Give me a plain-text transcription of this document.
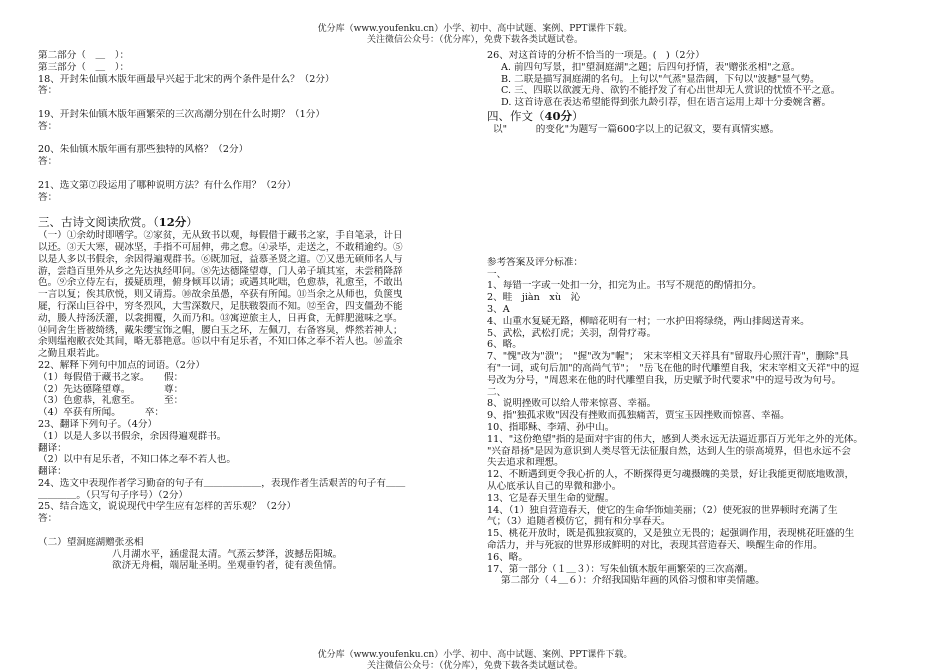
优分库（www.youfenku.cn）小学、初中、高中试题、案例、PPT课件下载。
关注微信公众号：（优分库），免费下载各类试题试卷。
第二部分（　＿　）：
第三部分（　＿　）：
18、开封朱仙镇木版年画最早兴起于北宋的两个条件是什么？（2分）
答：
19、开封朱仙镇木版年画繁荣的三次高潮分别在什么时期？（1分）
答：
20、朱仙镇木版年画有那些独特的风格？（2分）
答：
21、选文第⑦段运用了哪种说明方法？有什么作用？（2分）
答：
三、古诗文阅读欣赏。（12分）
（一）①余幼时即嗜学。②家贫，无从致书以观，每假借于藏书之家，手自笔录，计日
以还。③天大寒，砚冰坚，手指不可屈伸，弗之怠。④录毕，走送之，不敢稍逾约。⑤
以是人多以书假余，余因得遍观群书。⑥既加冠，益慕圣贤之道。⑦又患无硕师名人与
游，尝趋百里外从乡之先达执经叩问。⑧先达德隆望尊，门人弟子填其室，未尝稍降辞
色。⑨余立侍左右，援疑质理，俯身倾耳以请；或遇其叱咄，色愈恭，礼愈至，不敢出
一言以复；俟其欣悦，则又请焉。⑩故余虽愚，卒获有所闻。⑪当余之从师也，负箧曳
屣，行深山巨谷中，穷冬烈风，大雪深数尺，足肤皲裂而不知。⑫至舍，四支僵劲不能
动，媵人持汤沃灌，以衾拥覆，久而乃和。⑬寓逆旅主人，日再食，无鲜肥滋味之享。
⑭同舍生皆被绮绣，戴朱缨宝饰之帽，腰白玉之环，左佩刀，右备容臭，烨然若神人；
余则缊袍敝衣处其间，略无慕艳意。⑮以中有足乐者，不知口体之奉不若人也。⑯盖余
之勤且艰若此。
22、解释下列句中加点的词语。（2分）
（1）每假借于藏书之家。　　假：
（2）先达德隆望尊。　　　　尊：
（3）色愈恭，礼愈至。　　　至：
（4）卒获有所闻。　　　卒：
23、翻译下列句子。（4分）
（1）以是人多以书假余，余因得遍观群书。
翻译：
（2）以中有足乐者，不知口体之奉不若人也。
翻译：
24、选文中表现作者学习勤奋的句子有＿＿＿＿＿＿，表现作者生活艰苦的句子有＿＿
＿＿＿＿。（只写句子序号）（2分）
25、结合选文，说说现代中学生应有怎样的苦乐观？（2分）
答：
（二）望洞庭湖赠张丞相
八月湖水平，涵虚混太清。气蒸云梦泽，波撼岳阳城。
欲济无舟楫，端居耻圣明。坐观垂钓者，徒有羡鱼情。
26、对这首诗的分析不恰当的一项是。(　)（2分）
A. 前四句写景，扣"望洞庭湖"之题；后四句抒情，表"赠张丞相"之意。
B. 二联是描写洞庭湖的名句。上句以"气蒸"显浩阔，下句以"波撼"显气势。
C. 三、四联以欲渡无舟、欲钓不能抒发了有心出世却无人赏识的忧愤不平之意。
D. 这首诗意在表达希望能得到张九龄引荐，但在语言运用上却十分委婉含蓄。
四、作文（40分）
以"　　　的变化"为题写一篇600字以上的记叙文，要有真情实感。
参考答案及评分标准：
一、
1、每错一字或一处扣一分，扣完为止。书写不规范的酌情扣分。
2、畦　jiàn　xù　沁
3、A
4、山重水复疑无路，柳暗花明有一村；一水护田将绿绕，两山排闼送青来。
5、武松，武松打虎；关羽，刮骨疗毒。
6、略。
7、"愧"改为"溃"；　"握"改为"幄"；　宋末宰相文天祥具有"留取丹心照汗青"，删除"具
有"一词，或句后加"的高尚气节"；　"岳飞在他的时代雕塑自我，宋末宰相文天祥"中的逗
号改为分号，"周恩来在他的时代雕塑自我，历史赋予时代要求"中的逗号改为句号。
二、
8、说明挫败可以给人带来惊喜、幸福。
9、指"独孤求败"因没有挫败而孤独痛苦，贾宝玉因挫败而惊喜、幸福。
10、指耶稣、李靖、孙中山。
11、"这份绝望"指的是面对宇宙的伟大，感到人类永远无法逼近那百万光年之外的光体。
"兴奋昂扬"是因为意识到人类尽管无法征服自然，达到人生的崇高境界，但也永远不会
失去追求和理想。
12、不断遇到更令我心折的人，不断探得更匀魂摄魄的美景，好让我能更彻底地败溃，
从心底承认自己的卑微和渺小。
13、它是春天里生命的觉醒。
14、（1）独自营造春天，使它的生命华饰灿美丽；（2）使死寂的世界顿时充满了生
气；（3）追随者模仿它，拥有和分享春天。
15、桃花开放时，既是孤独寂寞的，又是独立无畏的；起强调作用，表现桃花旺盛的生
命活力，并与死寂的世界形成鲜明的对比，表现其营造春天、唤醒生命的作用。
16、略。
17、第一部分（１＿３）：写朱仙镇木版年画繁荣的三次高潮。
第二部分（４＿６）：介绍我国贴年画的风俗习惯和审美情趣。
优分库（www.youfenku.cn）小学、初中、高中试题、案例、PPT课件下载。
关注微信公众号：（优分库），免费下载各类试题试卷。
